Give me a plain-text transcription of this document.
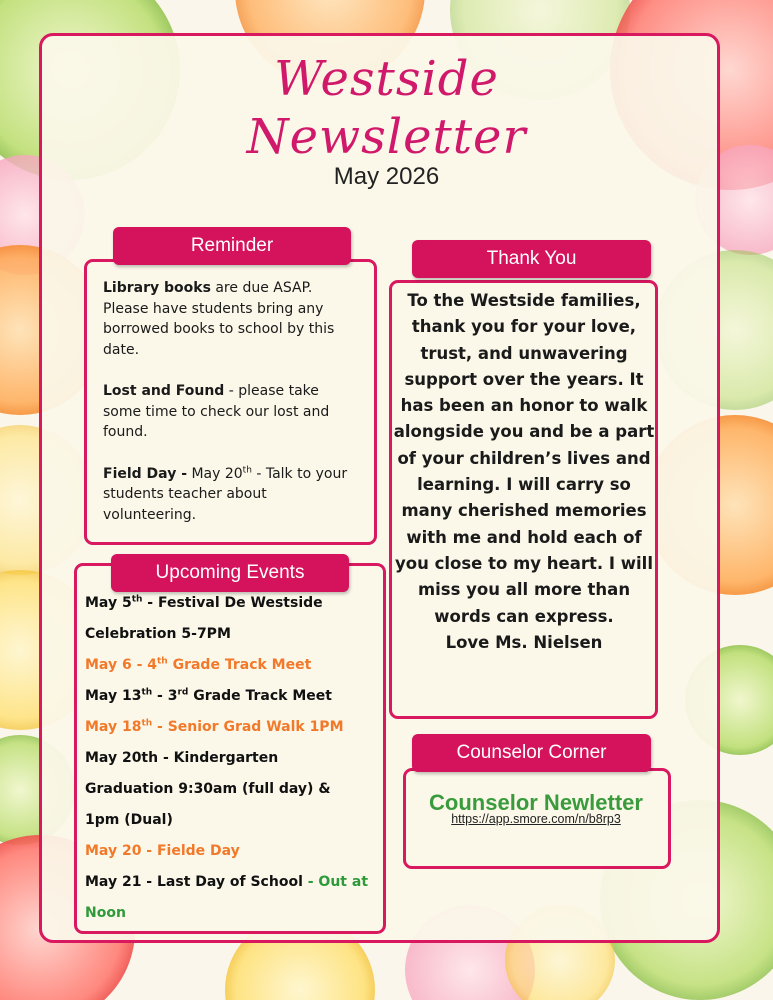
Westside
Newsletter
May 2026
Reminder

Library books are due ASAP. Please have students bring any borrowed books to school by this date.

Lost and Found - please take some time to check our lost and found.

Field Day - May 20th - Talk to your students teacher about volunteering.

Upcoming Events
May 5th - Festival De Westside
Celebration 5-7PM
May 6 - 4th Grade Track Meet
May 13th - 3rd Grade Track Meet
May 18th - Senior Grad Walk 1PM
May 20th - Kindergarten
Graduation 9:30am (full day) &
1pm (Dual)
May 20 - Fielde Day
May 21 - Last Day of School - Out at
Noon
Thank You
To the Westside families, thank you for your love, trust, and unwavering support over the years. It has been an honor to walk alongside you and be a part of your children’s lives and learning. I will carry so many cherished memories with me and hold each of you close to my heart. I will miss you all more than words can express.
Love Ms. Nielsen
Counselor Corner
Counselor Newletter
https://app.smore.com/n/b8rp3
